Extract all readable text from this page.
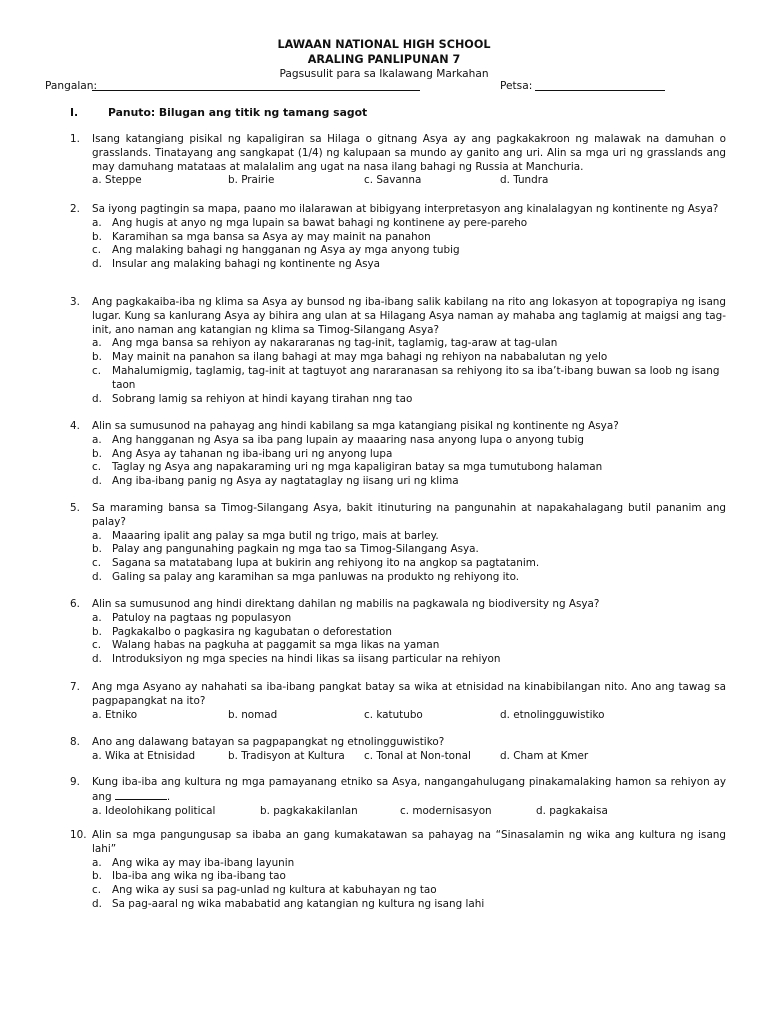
LAWAAN NATIONAL HIGH SCHOOL
ARALING PANLIPUNAN 7
Pagsusulit para sa Ikalawang Markahan
Pangalan:	Petsa:
I.	Panuto: Bilugan ang titik ng tamang sagot
1.	Isang katangiang pisikal ng kapaligiran sa Hilaga o gitnang Asya ay ang pagkakakroon ng malawak na damuhan o grasslands. Tinatayang ang sangkapat (1/4) ng kalupaan sa mundo ay ganito ang uri. Alin sa mga uri ng grasslands ang may damuhang matataas at malalalim ang ugat na nasa ilang bahagi ng Russia at Manchuria.
a. Steppe	b. Prairie	c. Savanna	d. Tundra
2.	Sa iyong pagtingin sa mapa, paano mo ilalarawan at bibigyang interpretasyon ang kinalalagyan ng kontinente ng Asya?
a. Ang hugis at anyo ng mga lupain sa bawat bahagi ng kontinene ay pere-pareho
b. Karamihan sa mga bansa sa Asya ay may mainit na panahon
c.	Ang malaking bahagi ng hangganan ng Asya ay mga anyong tubig
d. Insular ang malaking bahagi ng kontinente ng Asya
3.	Ang pagkakaiba-iba ng klima sa Asya ay bunsod ng iba-ibang salik kabilang na rito ang lokasyon at topograpiya ng isang lugar. Kung sa kanlurang Asya ay bihira ang ulan at sa Hilagang Asya naman ay mahaba ang taglamig at maigsi ang tag-init, ano naman ang katangian ng klima sa Timog-Silangang Asya?
a. Ang mga bansa sa rehiyon ay nakararanas ng tag-init, taglamig, tag-araw at tag-ulan
b. May mainit na panahon sa ilang bahagi at may mga bahagi ng rehiyon na nababalutan ng yelo
c.	Mahalumigmig, taglamig, tag-init at tagtuyot ang nararanasan sa rehiyong ito sa iba’t-ibang buwan sa loob ng isang taon
d. Sobrang lamig sa rehiyon at hindi kayang tirahan nng tao
4.	Alin sa sumusunod na pahayag ang hindi kabilang sa mga katangiang pisikal ng kontinente ng Asya?
a. Ang hangganan ng Asya sa iba pang lupain ay maaaring nasa anyong lupa o anyong tubig
b. Ang Asya ay tahanan ng iba-ibang uri ng anyong lupa
c.	Taglay ng Asya ang napakaraming uri ng mga kapaligiran batay sa mga tumutubong halaman
d. Ang iba-ibang panig ng Asya ay nagtataglay ng iisang uri ng klima
5.	Sa maraming bansa sa Timog-Silangang Asya, bakit itinuturing na pangunahin at napakahalagang butil pananim ang palay?
a. Maaaring ipalit ang palay sa mga butil ng trigo, mais at barley.
b. Palay ang pangunahing pagkain ng mga tao sa Timog-Silangang Asya.
c.	Sagana sa matatabang lupa at bukirin ang rehiyong ito na angkop sa pagtatanim.
d. Galing sa palay ang karamihan sa mga panluwas na produkto ng rehiyong ito.
6.	Alin sa sumusunod ang hindi direktang dahilan ng mabilis na pagkawala ng biodiversity ng Asya?
a. Patuloy na pagtaas ng populasyon
b. Pagkakalbo o pagkasira ng kagubatan o deforestation
c.	Walang habas na pagkuha at paggamit sa mga likas na yaman
d. Introduksiyon ng mga species na hindi likas sa iisang particular na rehiyon
7.	Ang mga Asyano ay nahahati sa iba-ibang pangkat batay sa wika at etnisidad na kinabibilangan nito. Ano ang tawag sa pagpapangkat na ito?
a. Etniko	b. nomad	c. katutubo	d. etnolingguwistiko
8.	Ano ang dalawang batayan sa pagpapangkat ng etnolingguwistiko?
a. Wika at Etnisidad	b. Tradisyon at Kultura	c. Tonal at Non-tonal	d. Cham at Kmer
9.	Kung iba-iba ang kultura ng mga pamayanang etniko sa Asya, nangangahulugang pinakamalaking hamon sa rehiyon ay ang	.
a. Ideolohikang political	b. pagkakakilanlan	c. modernisasyon	d. pagkakaisa
10. Alin sa mga pangungusap sa ibaba an gang kumakatawan sa pahayag na “Sinasalamin ng wika ang kultura ng isang lahi”
a. Ang wika ay may iba-ibang layunin
b. Iba-iba ang wika ng iba-ibang tao
c.	Ang wika ay susi sa pag-unlad ng kultura at kabuhayan ng tao
d. Sa pag-aaral ng wika mababatid ang katangian ng kultura ng isang lahi
